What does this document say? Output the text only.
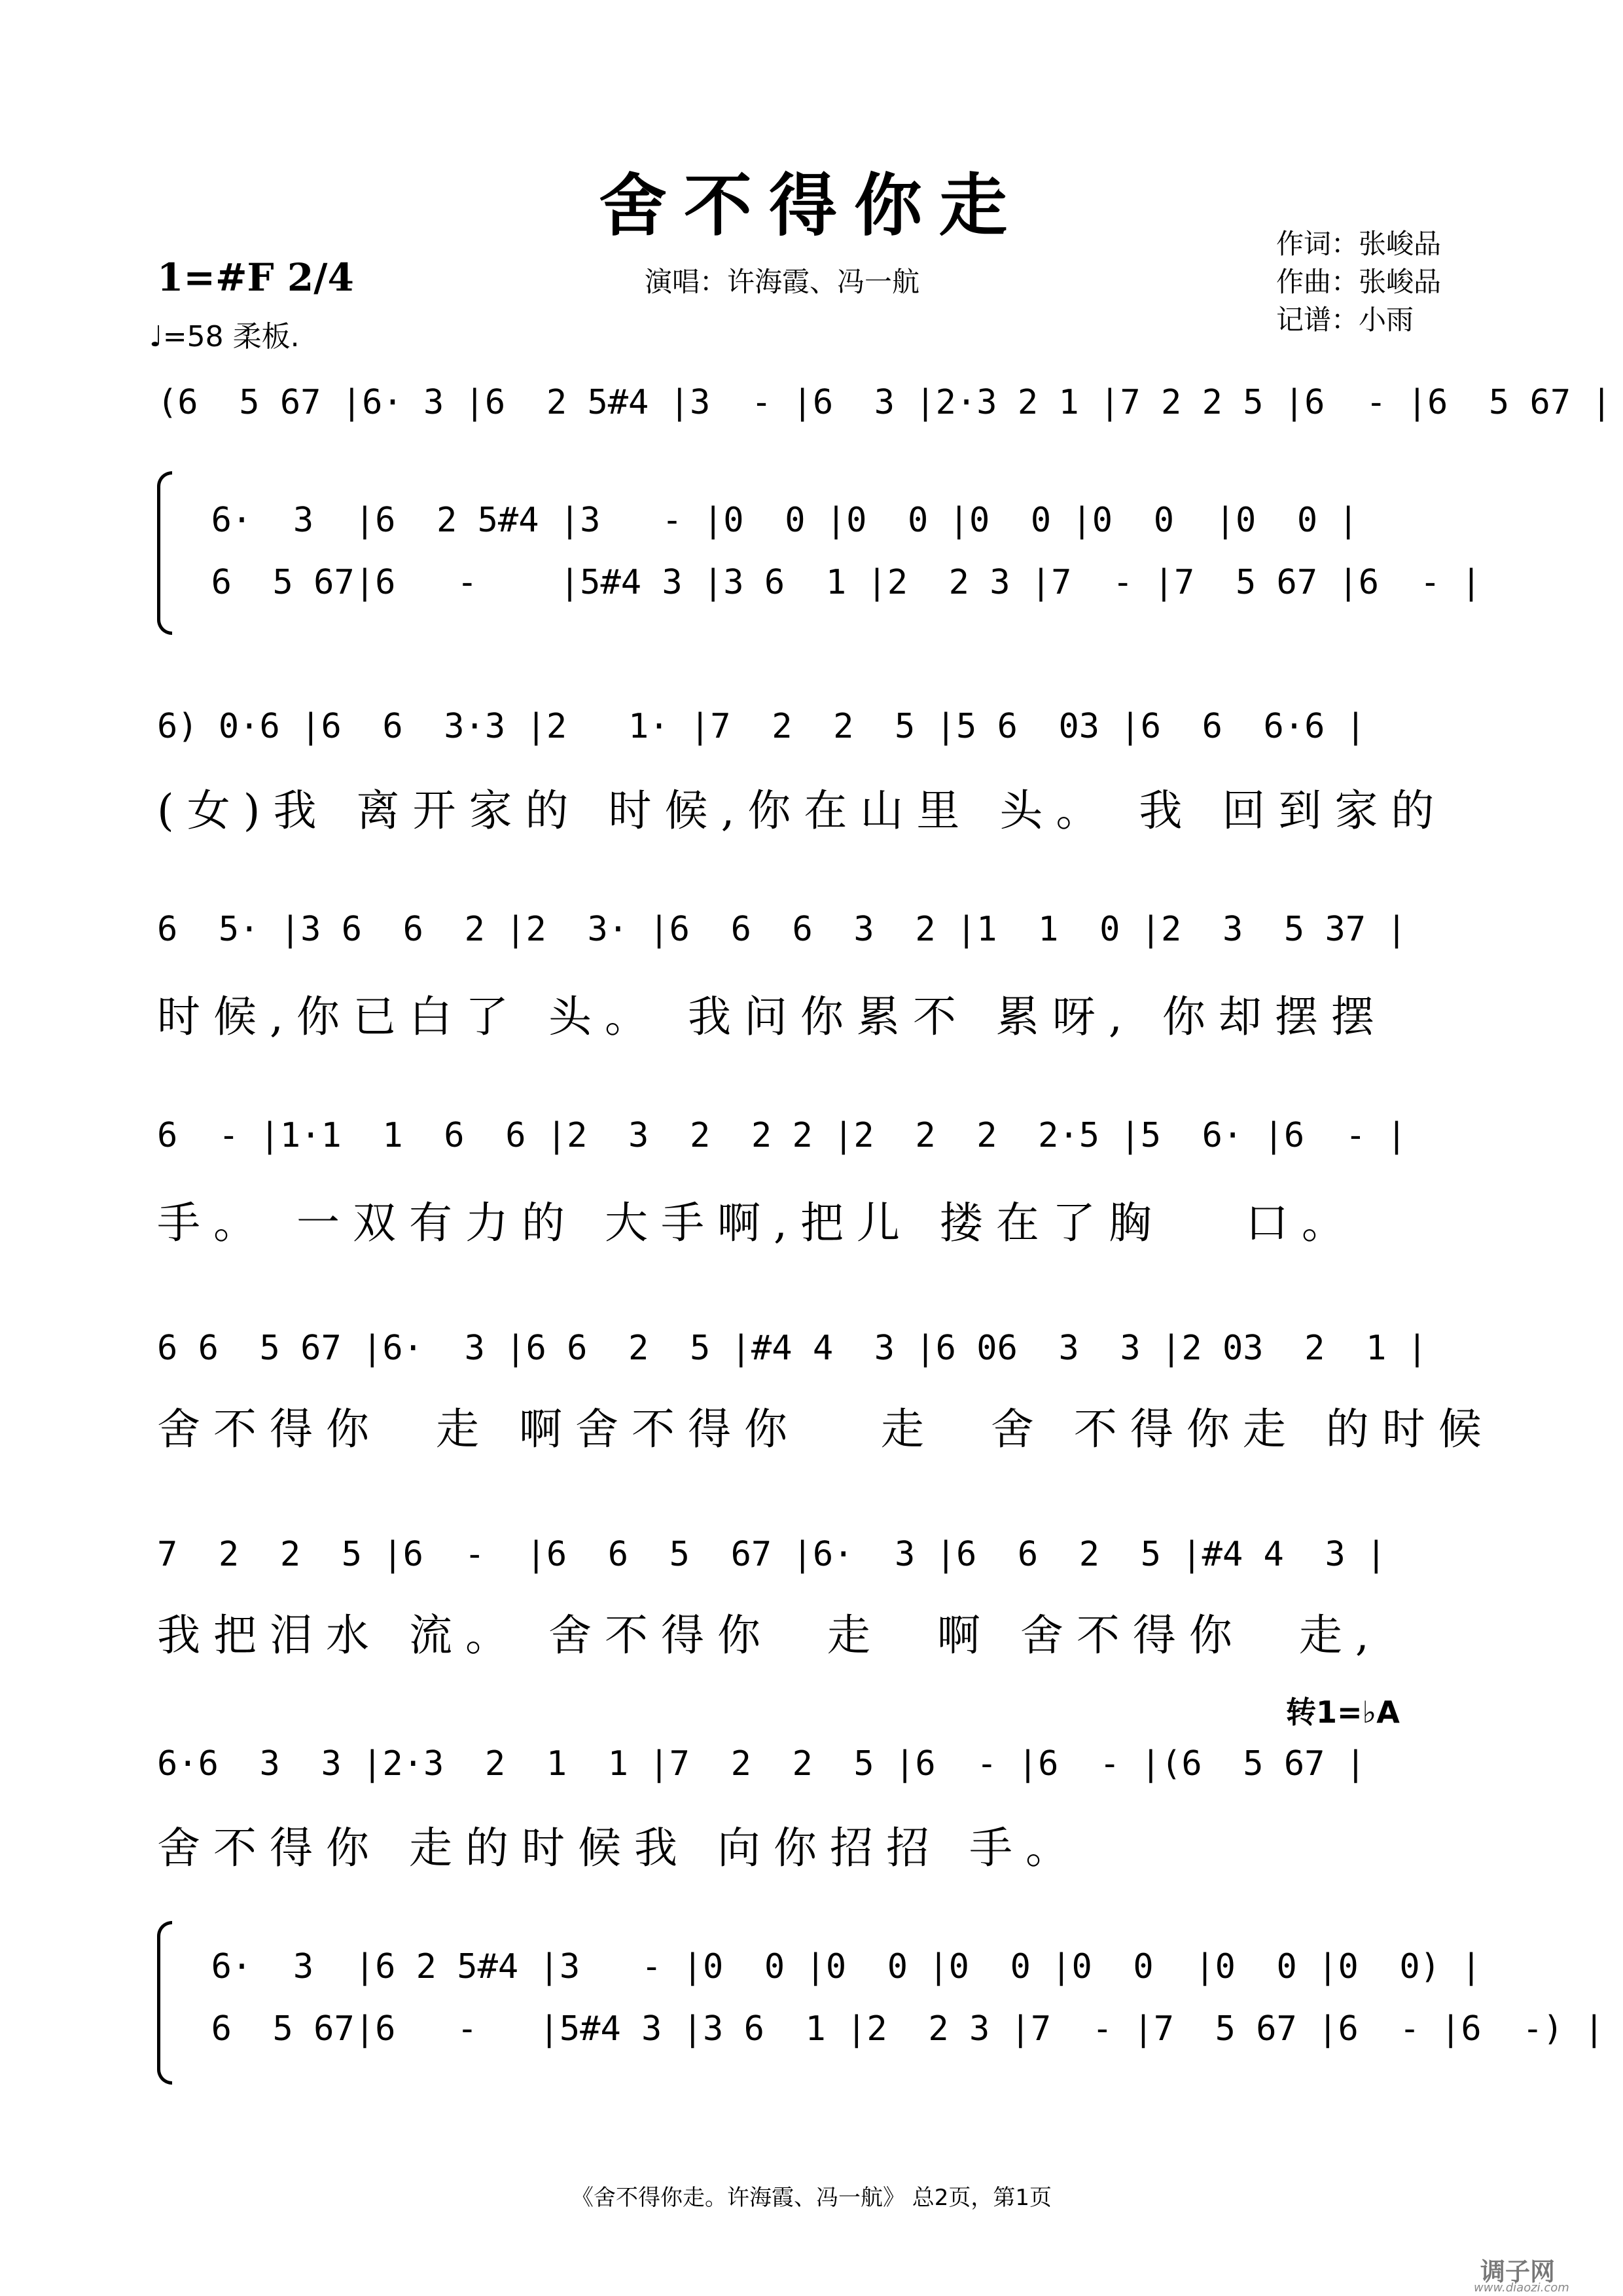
舍不得你走	作词：张峻品
作曲：张峻品
记谱：小雨
1=#F 2/4
♩=58 柔板.
演唱：许海霞、冯一航
(6  5 67 |6· 3 |6  2 5#4 |3  - |6  3 |2·3 2 1 |7 2 2 5 |6  - |6  5 67 |
6·  3  |6  2 5#4 |3   - |0  0 |0  0 |0  0 |0  0  |0  0 |
6  5 67|6   -    |5#4 3 |3 6  1 |2  2 3 |7  - |7  5 67 |6  - |
6) 0·6 |6  6  3·3 |2   1· |7  2  2  5 |5 6  03 |6  6  6·6 |
(女)我 离开家的 时候,你在山里 头。 我 回到家的
6  5· |3 6  6  2 |2  3· |6  6  6  3  2 |1  1  0 |2  3  5 37 |
时候,你已白了 头。 我问你累不 累呀, 你却摆摆
6  - |1·1  1  6  6 |2  3  2  2 2 |2  2  2  2·5 |5  6· |6  - |
手。 一双有力的 大手啊,把儿 搂在了胸   口。
6 6  5 67 |6·  3 |6 6  2  5 |#4 4  3 |6 06  3  3 |2 03  2  1 |
舍不得你  走 啊舍不得你   走  舍 不得你走 的时候
7  2  2  5 |6  -  |6  6  5  67 |6·  3 |6  6  2  5 |#4 4  3 |
我把泪水 流。 舍不得你  走  啊 舍不得你  走,
转1=♭A
6·6  3  3 |2·3  2  1  1 |7  2  2  5 |6  - |6  - |(6  5 67 |
舍不得你 走的时候我 向你招招 手。
6·  3  |6 2 5#4 |3   - |0  0 |0  0 |0  0 |0  0  |0  0 |0  0) |
6  5 67|6   -   |5#4 3 |3 6  1 |2  2 3 |7  - |7  5 67 |6  - |6  -) |
《舍不得你走。许海霞、冯一航》 总2页，第1页
调子网
www.diaozi.com
